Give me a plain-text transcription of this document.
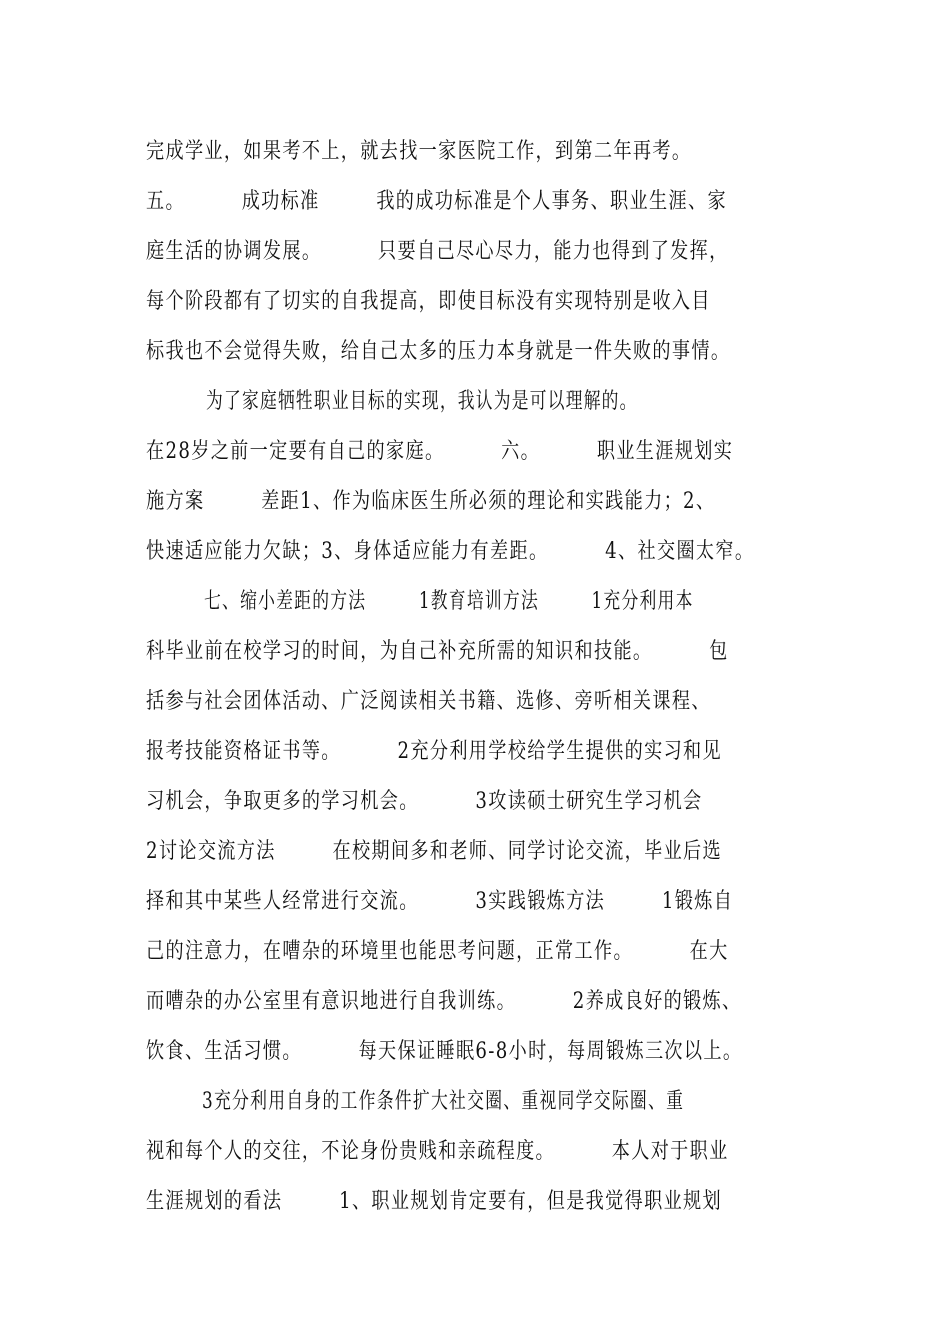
完成学业，如果考不上，就去找一家医院工作，到第二年再考。
五。        成功标准        我的成功标准是个人事务、职业生涯、家
庭生活的协调发展。        只要自己尽心尽力，能力也得到了发挥，
每个阶段都有了切实的自我提高，即使目标没有实现特别是收入目
标我也不会觉得失败，给自己太多的压力本身就是一件失败的事情。
为了家庭牺牲职业目标的实现，我认为是可以理解的。
在28岁之前一定要有自己的家庭。        六。        职业生涯规划实
施方案        差距1、作为临床医生所必须的理论和实践能力；2、
快速适应能力欠缺；3、身体适应能力有差距。        4、社交圈太窄。
七、缩小差距的方法        1教育培训方法        1充分利用本
科毕业前在校学习的时间，为自己补充所需的知识和技能。        包
括参与社会团体活动、广泛阅读相关书籍、选修、旁听相关课程、
报考技能资格证书等。        2充分利用学校给学生提供的实习和见
习机会，争取更多的学习机会。        3攻读硕士研究生学习机会
2讨论交流方法        在校期间多和老师、同学讨论交流，毕业后选
择和其中某些人经常进行交流。        3实践锻炼方法        1锻炼自
己的注意力，在嘈杂的环境里也能思考问题，正常工作。        在大
而嘈杂的办公室里有意识地进行自我训练。        2养成良好的锻炼、
饮食、生活习惯。        每天保证睡眠6-8小时，每周锻炼三次以上。
3充分利用自身的工作条件扩大社交圈、重视同学交际圈、重
视和每个人的交往，不论身份贵贱和亲疏程度。        本人对于职业
生涯规划的看法        1、职业规划肯定要有，但是我觉得职业规划
